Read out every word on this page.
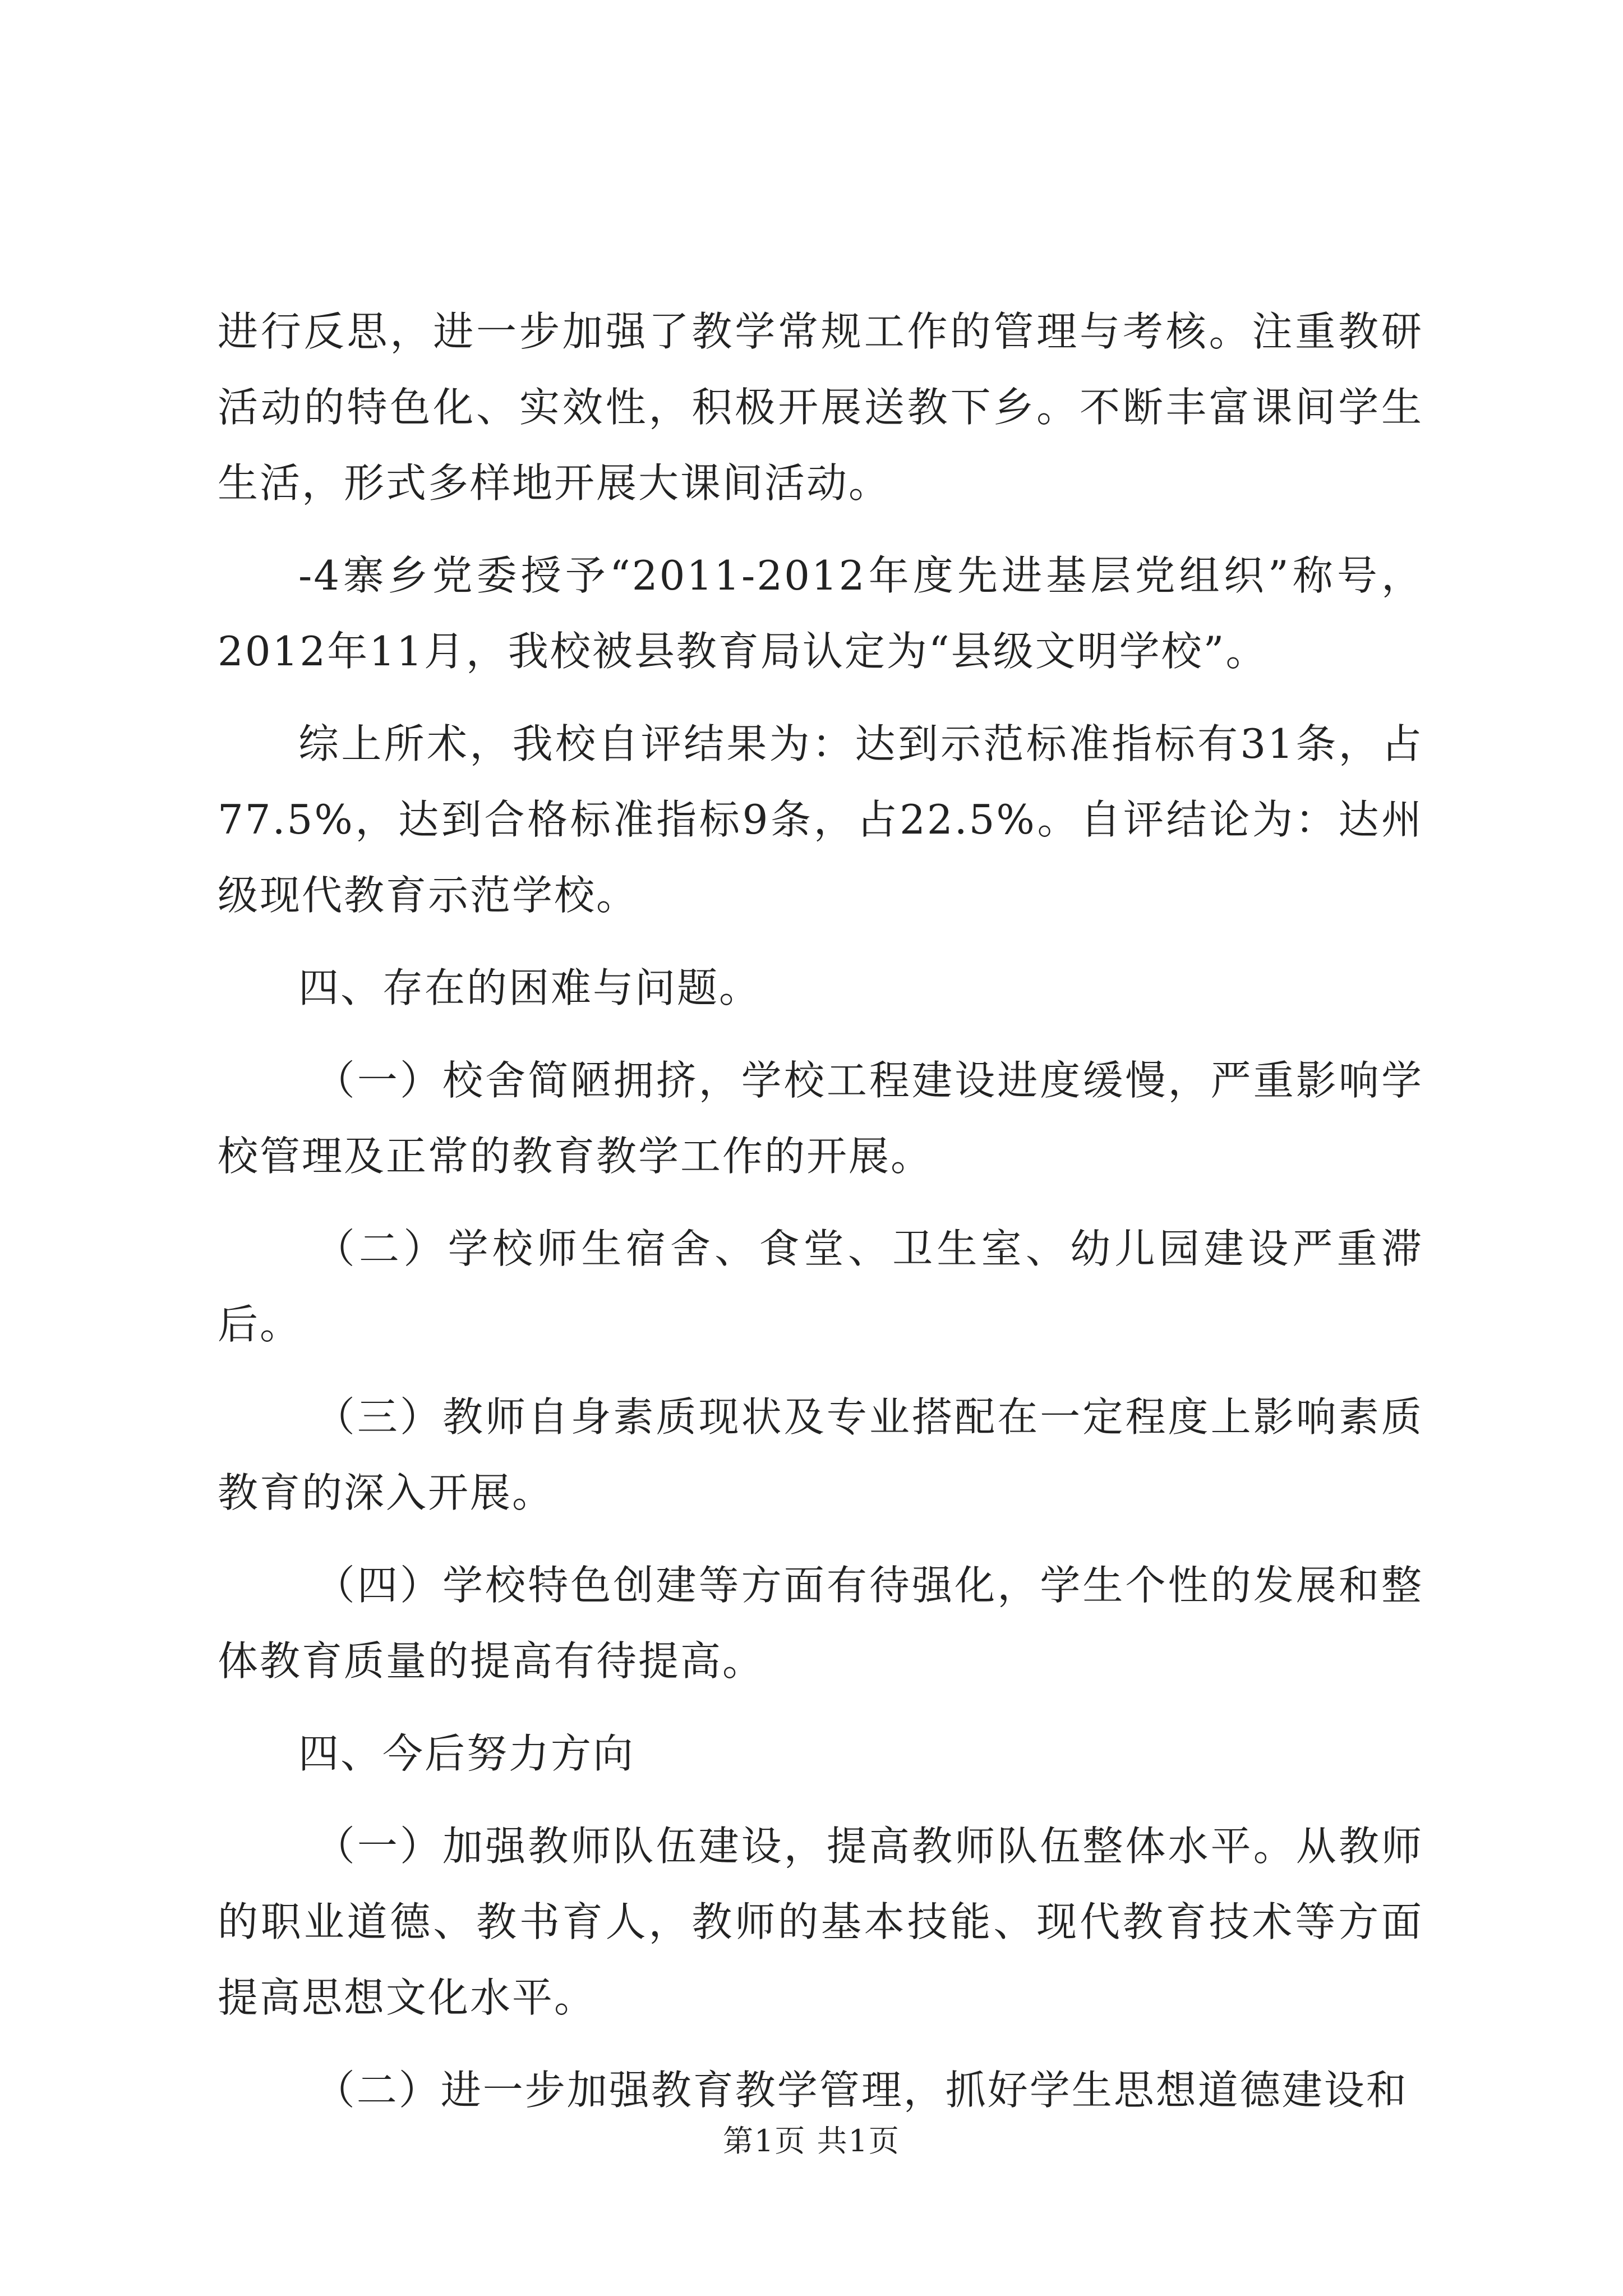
进行反思，进一步加强了教学常规工作的管理与考核。注重教研活动的特色化、实效性，积极开展送教下乡。不断丰富课间学生生活，形式多样地开展大课间活动。

-4寨乡党委授予“2011-2012年度先进基层党组织”称号，2012年11月，我校被县教育局认定为“县级文明学校”。

综上所术，我校自评结果为：达到示范标准指标有31条，占77.5%，达到合格标准指标9条，占22.5%。自评结论为：达州级现代教育示范学校。

四、存在的困难与问题。

（一）校舍简陋拥挤，学校工程建设进度缓慢，严重影响学校管理及正常的教育教学工作的开展。

（二）学校师生宿舍、食堂、卫生室、幼儿园建设严重滞后。

（三）教师自身素质现状及专业搭配在一定程度上影响素质教育的深入开展。

（四）学校特色创建等方面有待强化，学生个性的发展和整体教育质量的提高有待提高。

四、今后努力方向

（一）加强教师队伍建设，提高教师队伍整体水平。从教师的职业道德、教书育人，教师的基本技能、现代教育技术等方面提高思想文化水平。

（二）进一步加强教育教学管理，抓好学生思想道德建设和

第1页 共1页
